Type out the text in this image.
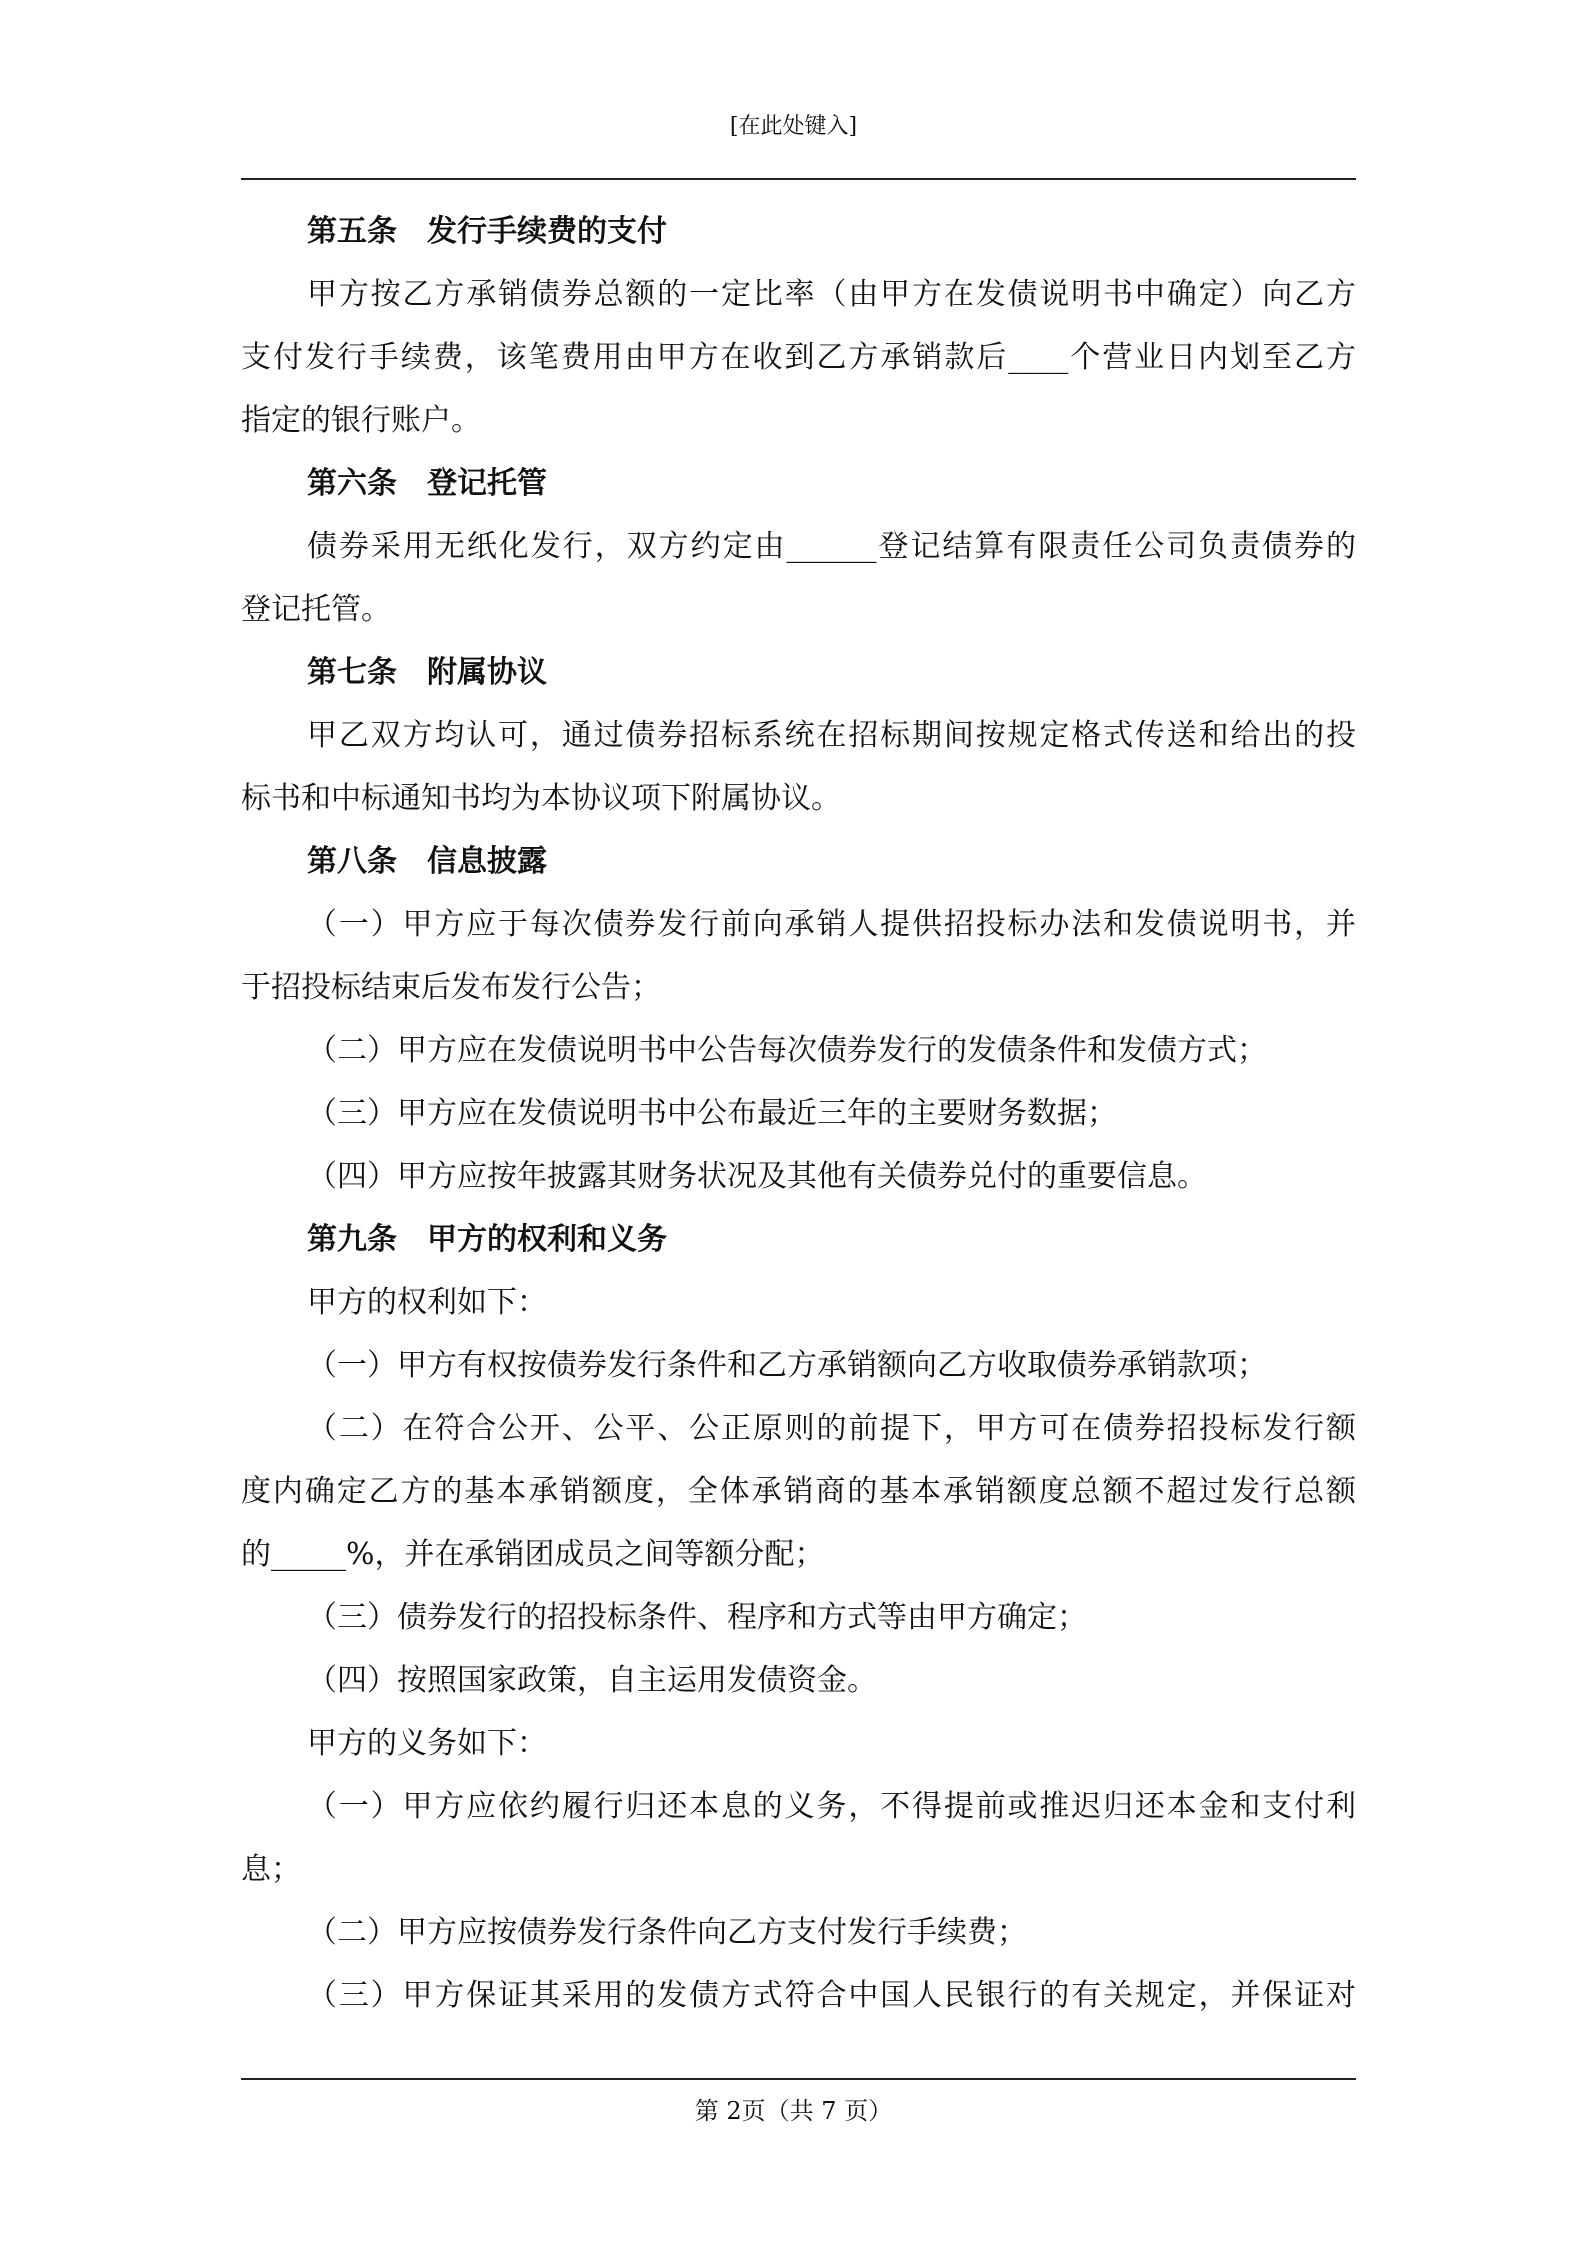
[在此处键入]
第五条　发行手续费的支付
甲方按乙方承销债券总额的一定比率（由甲方在发债说明书中确定）向乙方
支付发行手续费，该笔费用由甲方在收到乙方承销款后____个营业日内划至乙方
指定的银行账户。
第六条　登记托管
债券采用无纸化发行，双方约定由______登记结算有限责任公司负责债券的
登记托管。
第七条　附属协议
甲乙双方均认可，通过债券招标系统在招标期间按规定格式传送和给出的投
标书和中标通知书均为本协议项下附属协议。
第八条　信息披露
（一）甲方应于每次债券发行前向承销人提供招投标办法和发债说明书，并
于招投标结束后发布发行公告；
（二）甲方应在发债说明书中公告每次债券发行的发债条件和发债方式；
（三）甲方应在发债说明书中公布最近三年的主要财务数据；
（四）甲方应按年披露其财务状况及其他有关债券兑付的重要信息。
第九条　甲方的权利和义务
甲方的权利如下：
（一）甲方有权按债券发行条件和乙方承销额向乙方收取债券承销款项；
（二）在符合公开、公平、公正原则的前提下，甲方可在债券招投标发行额
度内确定乙方的基本承销额度，全体承销商的基本承销额度总额不超过发行总额
的_____%，并在承销团成员之间等额分配；
（三）债券发行的招投标条件、程序和方式等由甲方确定；
（四）按照国家政策，自主运用发债资金。
甲方的义务如下：
（一）甲方应依约履行归还本息的义务，不得提前或推迟归还本金和支付利
息；
（二）甲方应按债券发行条件向乙方支付发行手续费；
（三）甲方保证其采用的发债方式符合中国人民银行的有关规定，并保证对
第 2页（共 7 页）
